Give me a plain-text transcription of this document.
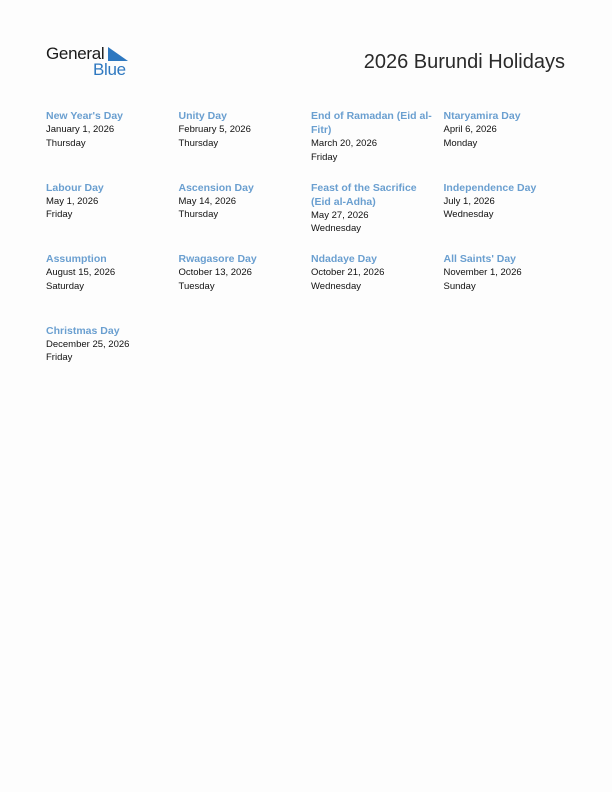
General
Blue	2026 Burundi Holidays
New Year's Day
January 1, 2026
Thursday
Unity Day
February 5, 2026
Thursday
End of Ramadan (Eid al-Fitr)
March 20, 2026
Friday
Ntaryamira Day
April 6, 2026
Monday
Labour Day
May 1, 2026
Friday
Ascension Day
May 14, 2026
Thursday
Feast of the Sacrifice (Eid al-Adha)
May 27, 2026
Wednesday
Independence Day
July 1, 2026
Wednesday
Assumption
August 15, 2026
Saturday
Rwagasore Day
October 13, 2026
Tuesday
Ndadaye Day
October 21, 2026
Wednesday
All Saints' Day
November 1, 2026
Sunday
Christmas Day
December 25, 2026
Friday
